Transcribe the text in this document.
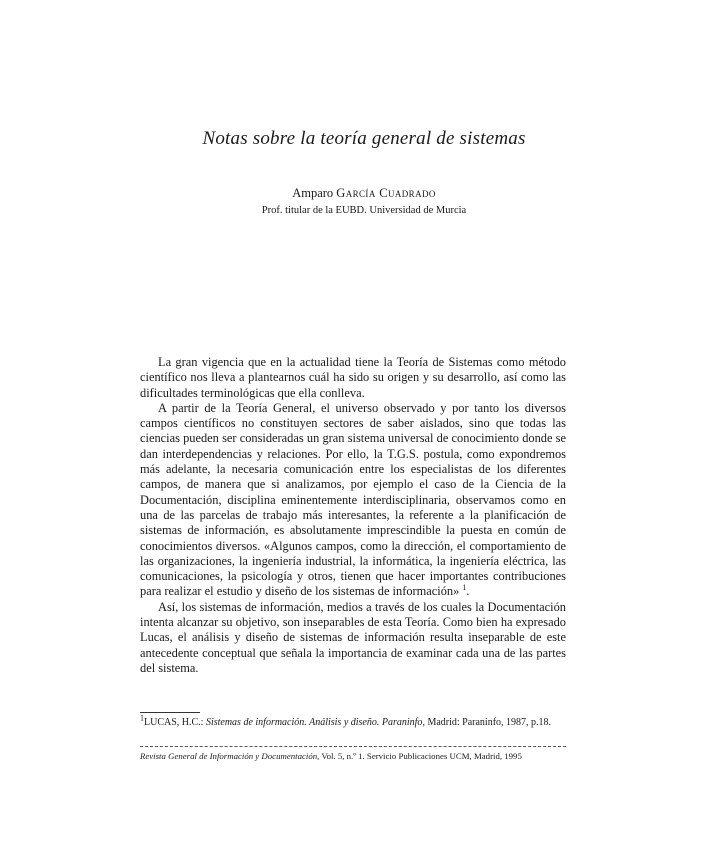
Notas sobre la teoría general de sistemas

Amparo García Cuadrado

Prof. titular de la EUBD. Universidad de Murcia

La gran vigencia que en la actualidad tiene la Teoría de Sistemas como método científico nos lleva a plantearnos cuál ha sido su origen y su desarrollo, así como las dificultades terminológicas que ella conlleva.

A partir de la Teoría General, el universo observado y por tanto los diversos campos científicos no constituyen sectores de saber aislados, sino que todas las ciencias pueden ser consideradas un gran sistema universal de conocimiento donde se dan interdependencias y relaciones. Por ello, la T.G.S. postula, como expondremos más adelante, la necesaria comunicación entre los especialistas de los diferentes campos, de manera que si analizamos, por ejemplo el caso de la Ciencia de la Documentación, disciplina eminentemente interdisciplinaria, observamos como en una de las parcelas de trabajo más interesantes, la referente a la planificación de sistemas de información, es absolutamente imprescindible la puesta en común de conocimientos diversos. «Algunos campos, como la dirección, el comportamiento de las organizaciones, la ingeniería industrial, la informática, la ingeniería eléctrica, las comunicaciones, la psicología y otros, tienen que hacer importantes contribuciones para realizar el estudio y diseño de los sistemas de información» $^1$.

Así, los sistemas de información, medios a través de los cuales la Documentación intenta alcanzar su objetivo, son inseparables de esta Teoría. Como bien ha expresado Lucas, el análisis y diseño de sistemas de información resulta inseparable de este antecedente conceptual que señala la importancia de examinar cada una de las partes del sistema.

$^1$LUCAS, H.C.: Sistemas de información. Análisis y diseño. Paraninfo, Madrid: Paraninfo, 1987, p.18.
Revista General de Información y Documentación, Vol. 5, n.º 1. Servicio Publicaciones UCM, Madrid, 1995
